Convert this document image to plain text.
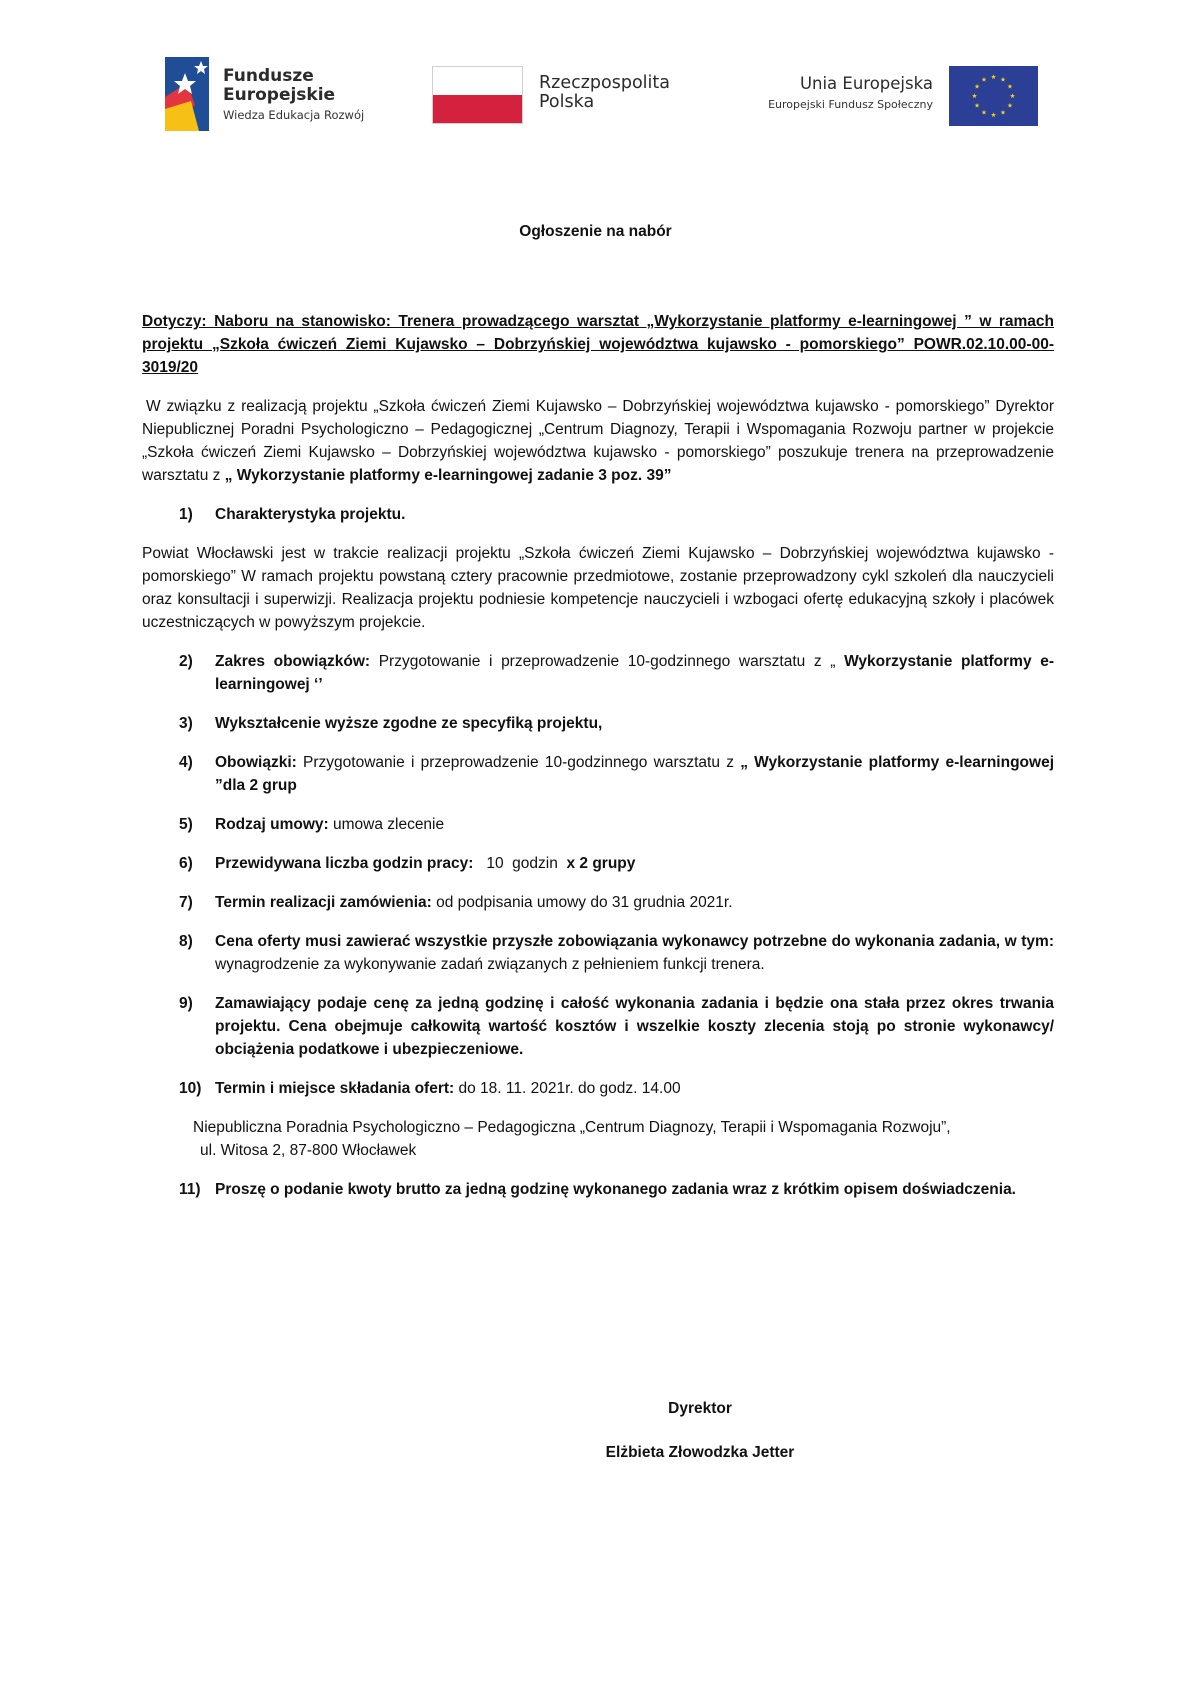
Fundusze
Europejskie
Wiedza Edukacja Rozwój
Rzeczpospolita
Polska
Unia Europejska
Europejski Fundusz Społeczny
Ogłoszenie na nabór

Dotyczy: Naboru na stanowisko: Trenera prowadzącego warsztat „Wykorzystanie platformy e-learningowej ” w ramach projektu „Szkoła ćwiczeń Ziemi Kujawsko – Dobrzyńskiej województwa kujawsko - pomorskiego” POWR.02.10.00-00-3019/20

W związku z realizacją projektu „Szkoła ćwiczeń Ziemi Kujawsko – Dobrzyńskiej województwa kujawsko - pomorskiego” Dyrektor Niepublicznej Poradni Psychologiczno – Pedagogicznej „Centrum Diagnozy, Terapii i Wspomagania Rozwoju partner w projekcie „Szkoła ćwiczeń Ziemi Kujawsko – Dobrzyńskiej województwa kujawsko - pomorskiego” poszukuje trenera na przeprowadzenie warsztatu z „ Wykorzystanie platformy e-learningowej zadanie 3 poz. 39”

1) Charakterystyka projektu.

Powiat Włocławski jest w trakcie realizacji projektu „Szkoła ćwiczeń Ziemi Kujawsko – Dobrzyńskiej województwa kujawsko - pomorskiego” W ramach projektu powstaną cztery pracownie przedmiotowe, zostanie przeprowadzony cykl szkoleń dla nauczycieli oraz konsultacji i superwizji. Realizacja projektu podniesie kompetencje nauczycieli i wzbogaci ofertę edukacyjną szkoły i placówek uczestniczących w powyższym projekcie.

2) Zakres obowiązków: Przygotowanie i przeprowadzenie 10-godzinnego warsztatu z „ Wykorzystanie platformy e-learningowej ‘’
3) Wykształcenie wyższe zgodne ze specyfiką projektu,
4) Obowiązki: Przygotowanie i przeprowadzenie 10-godzinnego warsztatu z „ Wykorzystanie platformy e-learningowej ”dla 2 grup
5) Rodzaj umowy: umowa zlecenie
6) Przewidywana liczba godzin pracy:   10  godzin  x 2 grupy
7) Termin realizacji zamówienia: od podpisania umowy do 31 grudnia 2021r.
8) Cena oferty musi zawierać wszystkie przyszłe zobowiązania wykonawcy potrzebne do wykonania zadania, w tym: wynagrodzenie za wykonywanie zadań związanych z pełnieniem funkcji trenera.
9) Zamawiający podaje cenę za jedną godzinę i całość wykonania zadania i będzie ona stała przez okres trwania projektu. Cena obejmuje całkowitą wartość kosztów i wszelkie koszty zlecenia stoją po stronie wykonawcy/ obciążenia podatkowe i ubezpieczeniowe.
10) Termin i miejsce składania ofert: do 18. 11. 2021r. do godz. 14.00
Niepubliczna Poradnia Psychologiczno – Pedagogiczna „Centrum Diagnozy, Terapii i Wspomagania Rozwoju”,
ul. Witosa 2, 87-800 Włocławek
11) Proszę o podanie kwoty brutto za jedną godzinę wykonanego zadania wraz z krótkim opisem doświadczenia.
Dyrektor
Elżbieta Złowodzka Jetter
